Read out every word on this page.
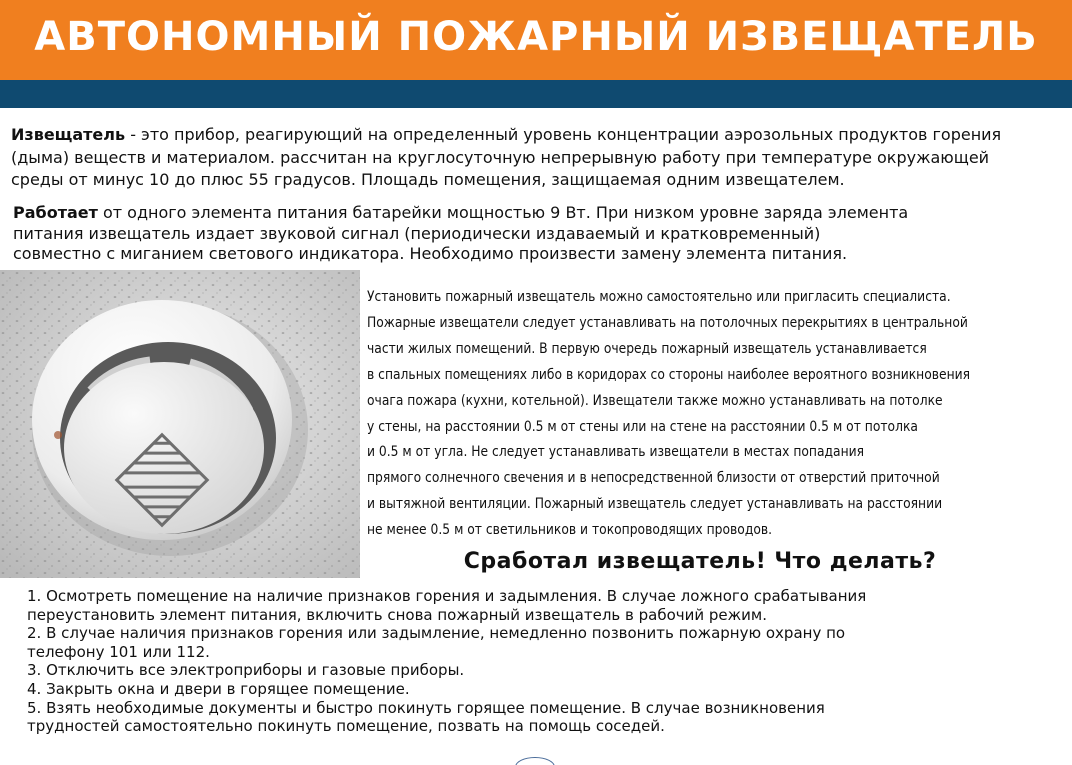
АВТОНОМНЫЙ ПОЖАРНЫЙ ИЗВЕЩАТЕЛЬ
Извещатель - это прибор, реагирующий на определенный уровень концентрации аэрозольных продуктов горения
(дыма) веществ и материалом. рассчитан на круглосуточную непрерывную работу при температуре окружающей
среды от минус 10 до плюс 55 градусов. Площадь помещения, защищаемая одним извещателем.
Работает от одного элемента питания батарейки мощностью 9 Вт. При низком уровне заряда элемента
питания извещатель издает звуковой сигнал (периодически издаваемый и кратковременный)
совместно с миганием светового индикатора. Необходимо произвести замену элемента питания.
Установить пожарный извещатель можно самостоятельно или пригласить специалиста.
Пожарные извещатели следует устанавливать на потолочных перекрытиях в центральной
части жилых помещений. В первую очередь пожарный извещатель устанавливается
в спальных помещениях либо в коридорах со стороны наиболее вероятного возникновения
очага пожара (кухни, котельной). Извещатели также можно устанавливать на потолке
у стены, на расстоянии 0.5 м от стены или на стене на расстоянии 0.5 м от потолка
и 0.5 м от угла. Не следует устанавливать извещатели в местах попадания
прямого солнечного свечения и в непосредственной близости от отверстий приточной
и вытяжной вентиляции. Пожарный извещатель следует устанавливать на расстоянии
не менее 0.5 м от светильников и токопроводящих проводов.
Сработал извещатель! Что делать?
1. Осмотреть помещение на наличие признаков горения и задымления. В случае ложного срабатывания
переустановить элемент питания, включить снова пожарный извещатель в рабочий режим.
2. В случае наличия признаков горения или задымление, немедленно позвонить пожарную охрану по
телефону 101 или 112.
3. Отключить все электроприборы и газовые приборы.
4. Закрыть окна и двери в горящее помещение.
5. Взять необходимые документы и быстро покинуть горящее помещение. В случае возникновения
трудностей самостоятельно покинуть помещение, позвать на помощь соседей.
